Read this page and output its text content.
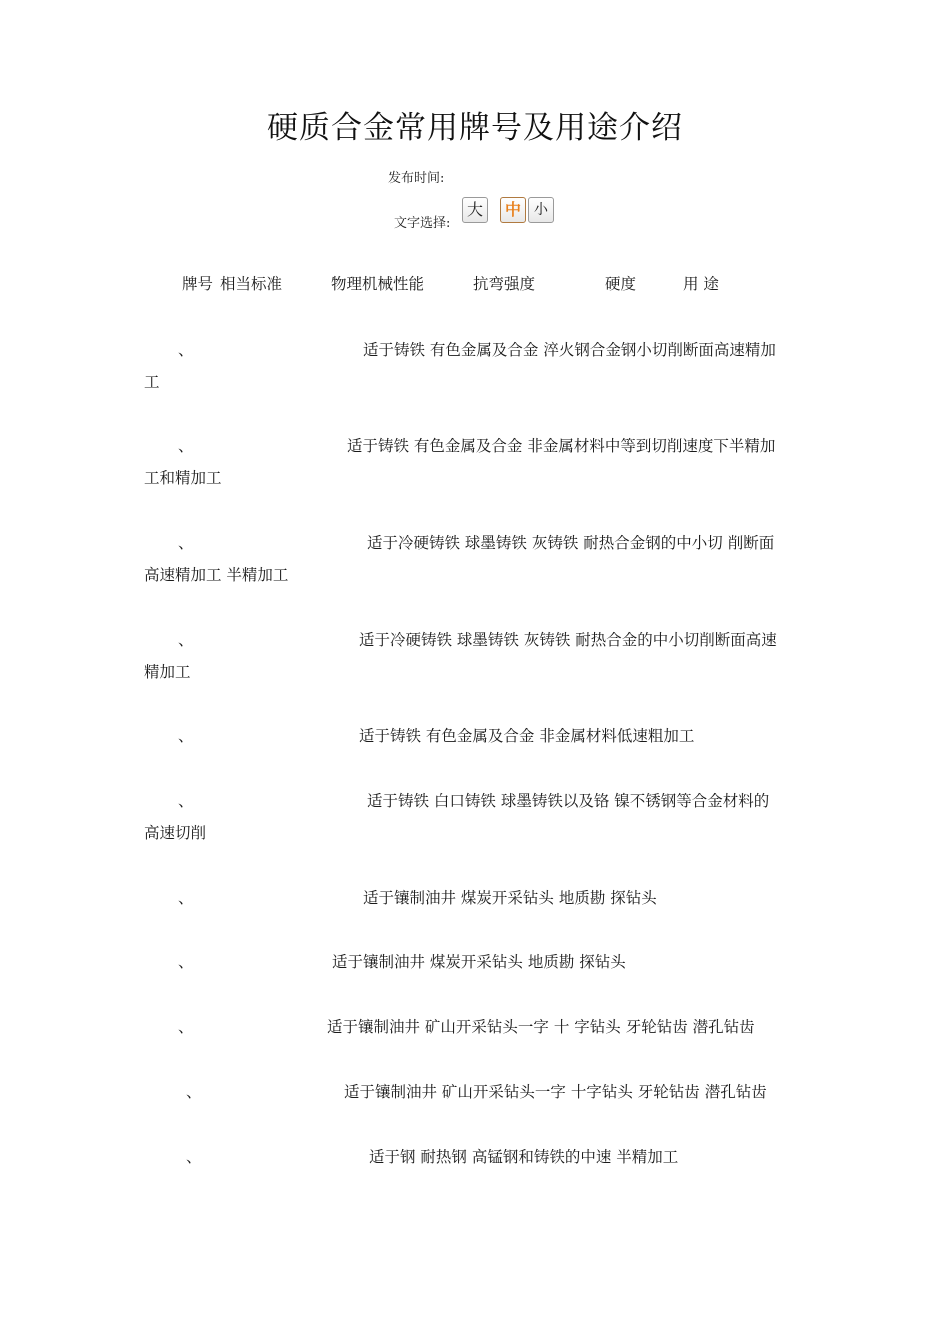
硬质合金常用牌号及用途介绍
发布时间:
文字选择:
大 中 小
牌号 相当标准	物理机械性能	抗弯强度	硬度	用 途
、	适于铸铁 有色金属及合金 淬火钢合金钢小切削断面高速精加
工
、	适于铸铁 有色金属及合金 非金属材料中等到切削速度下半精加
工和精加工
、	适于冷硬铸铁 球墨铸铁 灰铸铁 耐热合金钢的中小切 削断面
高速精加工 半精加工
、	适于冷硬铸铁 球墨铸铁 灰铸铁 耐热合金的中小切削断面高速
精加工
、	适于铸铁 有色金属及合金 非金属材料低速粗加工
、	适于铸铁 白口铸铁 球墨铸铁以及铬 镍不锈钢等合金材料的
高速切削
、	适于镶制油井 煤炭开采钻头 地质勘 探钻头
、	适于镶制油井 煤炭开采钻头 地质勘 探钻头
、	适于镶制油井 矿山开采钻头一字 十 字钻头 牙轮钻齿 潜孔钻齿
、	适于镶制油井 矿山开采钻头一字 十字钻头 牙轮钻齿 潜孔钻齿
、	适于钢 耐热钢 高锰钢和铸铁的中速 半精加工
